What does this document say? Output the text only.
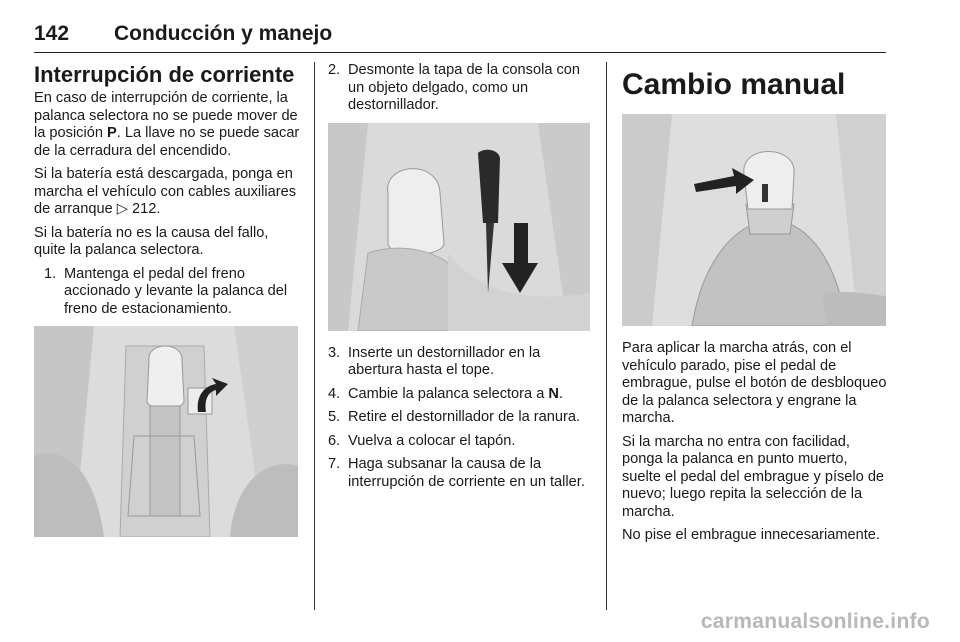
142 Conducción y manejo
Interrupción de corriente

En caso de interrupción de corriente, la palanca selectora no se puede mover de la posición P. La llave no se puede sacar de la cerradura del encendido.

Si la batería está descargada, ponga en marcha el vehículo con cables auxiliares de arranque ▷ 212.

Si la batería no es la causa del fallo, quite la palanca selectora.

1. Mantenga el pedal del freno accionado y levante la palanca del freno de estacionamiento.
2. Desmonte la tapa de la consola con un objeto delgado, como un destornillador.
3. Inserte un destornillador en la abertura hasta el tope.
4. Cambie la palanca selectora a N.
5. Retire el destornillador de la ranura.
6. Vuelva a colocar el tapón.
7. Haga subsanar la causa de la interrupción de corriente en un taller.
Cambio manual

Para aplicar la marcha atrás, con el vehículo parado, pise el pedal de embrague, pulse el botón de desbloqueo de la palanca selectora y engrane la marcha.

Si la marcha no entra con facilidad, ponga la palanca en punto muerto, suelte el pedal del embrague y píselo de nuevo; luego repita la selección de la marcha.

No pise el embrague innecesariamente.

carmanualsonline.info
